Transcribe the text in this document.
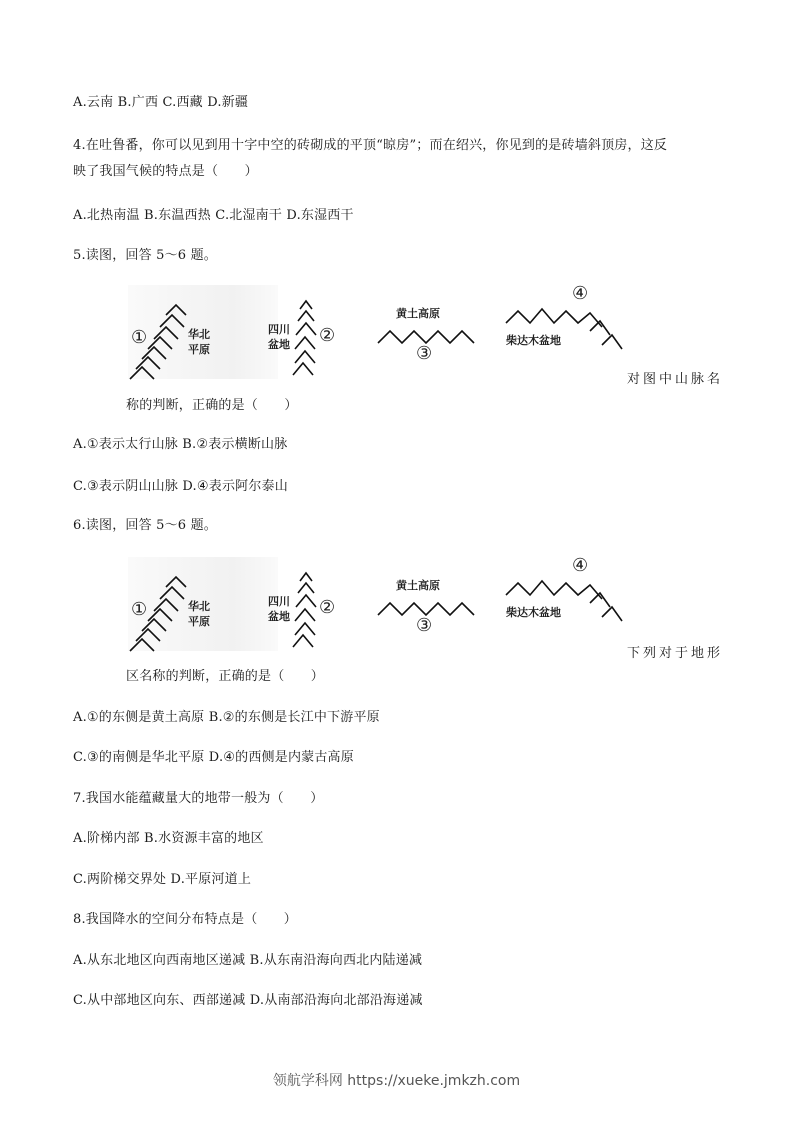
A.云南 B.广西 C.西藏 D.新疆
4.在吐鲁番，你可以见到用十字中空的砖砌成的平顶“晾房”；而在绍兴，你见到的是砖墙斜顶房，这反
映了我国气候的特点是（　　）
A.北热南温 B.东温西热 C.北湿南干 D.东湿西干
5.读图，回答 5～6 题。
①	华北
平原
四川
盆地 ②
黄土高原
③
柴达木盆地
④
对图中山脉名
称的判断，正确的是（　　）
A.①表示太行山脉 B.②表示横断山脉
C.③表示阴山山脉 D.④表示阿尔泰山
6.读图，回答 5～6 题。
①	华北
平原
四川
盆地 ②
黄土高原
③
柴达木盆地
④
下列对于地形
区名称的判断，正确的是（　　）
A.①的东侧是黄土高原 B.②的东侧是长江中下游平原
C.③的南侧是华北平原 D.④的西侧是内蒙古高原
7.我国水能蕴藏量大的地带一般为（　　）
A.阶梯内部 B.水资源丰富的地区
C.两阶梯交界处 D.平原河道上
8.我国降水的空间分布特点是（　　）
A.从东北地区向西南地区递减 B.从东南沿海向西北内陆递减
C.从中部地区向东、西部递减 D.从南部沿海向北部沿海递减
领航学科网 https://xueke.jmkzh.com
